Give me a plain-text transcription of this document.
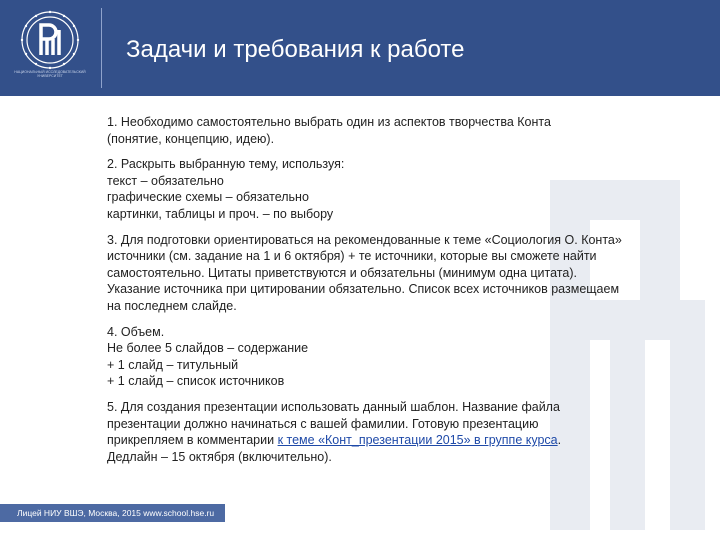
НАЦИОНАЛЬНЫЙ ИССЛЕДОВАТЕЛЬСКИЙ УНИВЕРСИТЕТ
Задачи и требования к работе

1. Необходимо самостоятельно выбрать один из аспектов творчества Конта
(понятие, концепцию, идею).

2. Раскрыть выбранную тему, используя:
текст – обязательно
графические схемы – обязательно
картинки, таблицы и проч. – по выбору

3. Для подготовки ориентироваться на рекомендованные к теме «Социология О. Конта»
источники (см. задание на 1 и 6 октября) + те источники, которые вы сможете найти
самостоятельно. Цитаты приветствуются и обязательны (минимум одна цитата).
Указание источника при цитировании обязательно. Список всех источников размещаем
на последнем слайде.

4. Объем.
Не более 5 слайдов – содержание
+ 1 слайд – титульный
+ 1 слайд – список источников

5. Для создания презентации использовать данный шаблон. Название файла
презентации должно начинаться с вашей фамилии. Готовую презентацию
прикрепляем в комментарии к теме «Конт_презентации 2015» в группе курса.
Дедлайн – 15 октября (включительно).

Лицей НИУ ВШЭ, Москва, 2015 www.school.hse.ru
